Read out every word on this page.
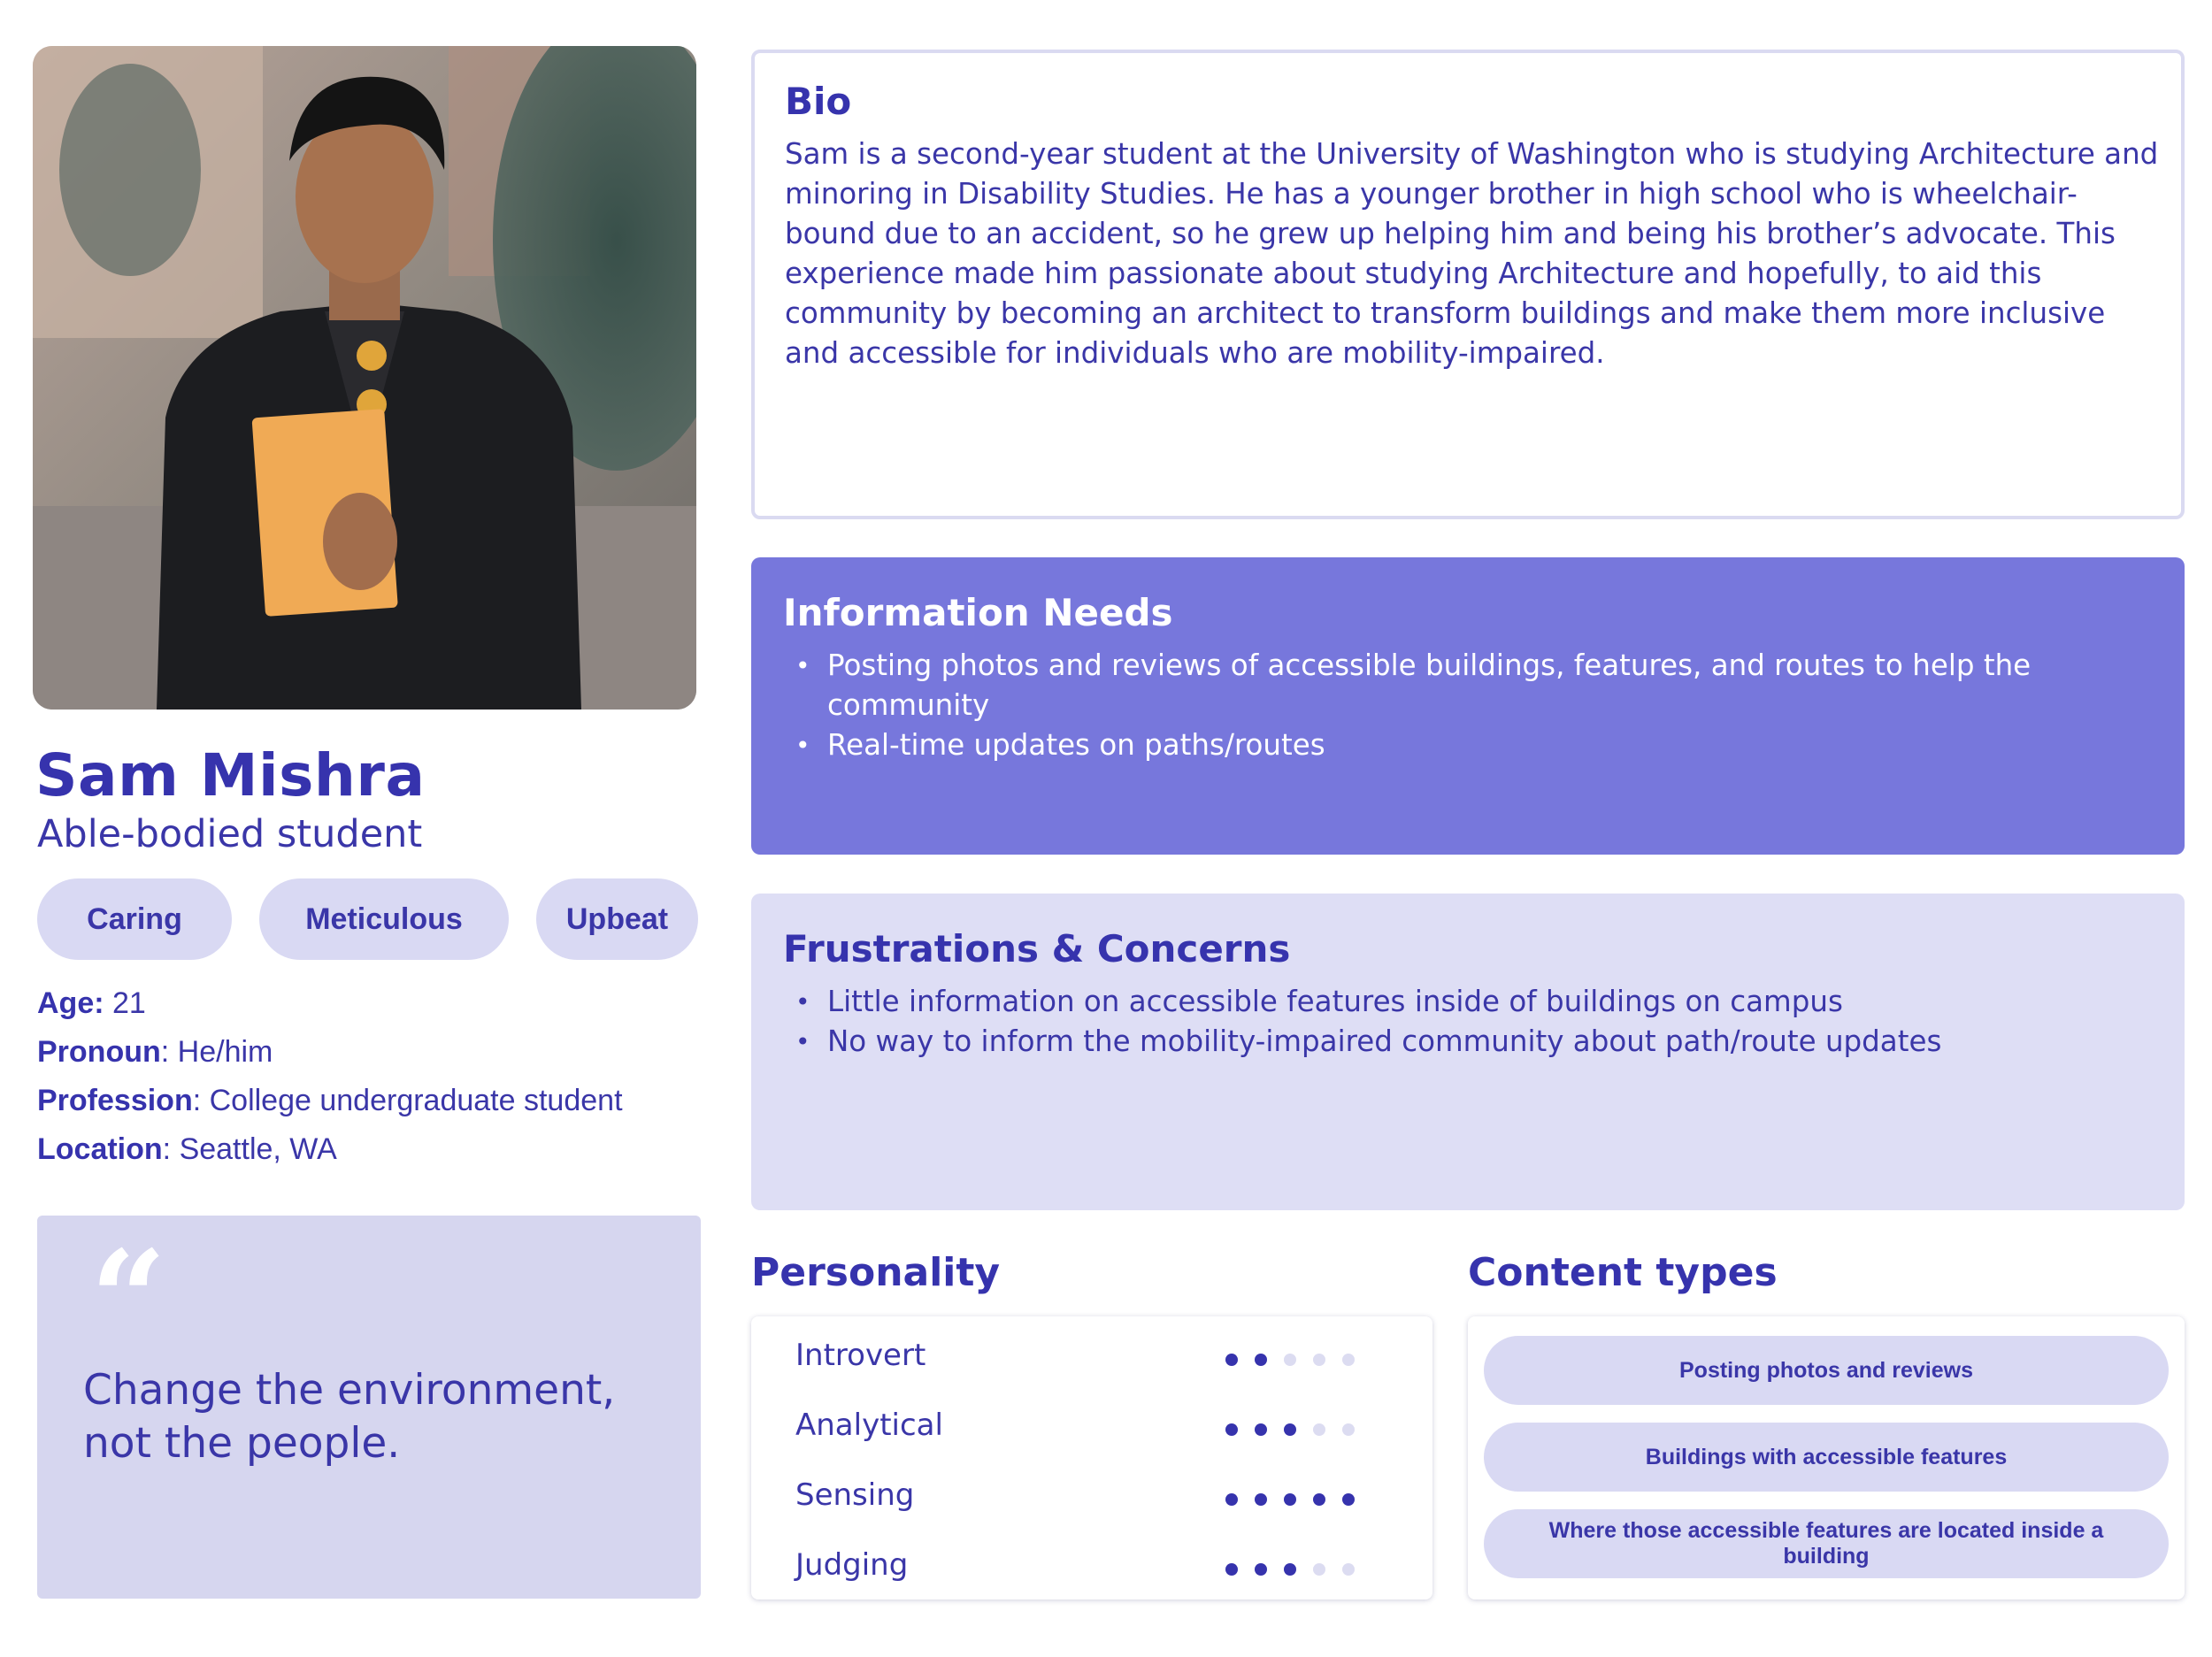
Sam Mishra
Able-bodied student
Caring	Meticulous	Upbeat
Age: 21
Pronoun: He/him
Profession: College undergraduate student
Location: Seattle, WA
“
Change the environment, not the people.
Bio
Sam is a second-year student at the University of Washington who is studying Architecture and minoring in Disability Studies. He has a younger brother in high school who is wheelchair-bound due to an accident, so he grew up helping him and being his brother’s advocate. This experience made him passionate about studying Architecture and hopefully, to aid this community by becoming an architect to transform buildings and make them more inclusive and accessible for individuals who are mobility-impaired.
Information Needs
• Posting photos and reviews of accessible buildings, features, and routes to help the community
• Real-time updates on paths/routes
Frustrations & Concerns
• Little information on accessible features inside of buildings on campus
• No way to inform the mobility-impaired community about path/route updates
Personality
Introvert
Analytical
Sensing
Judging
Content types
Posting photos and reviews
Buildings with accessible features
Where those accessible features are located inside a building
